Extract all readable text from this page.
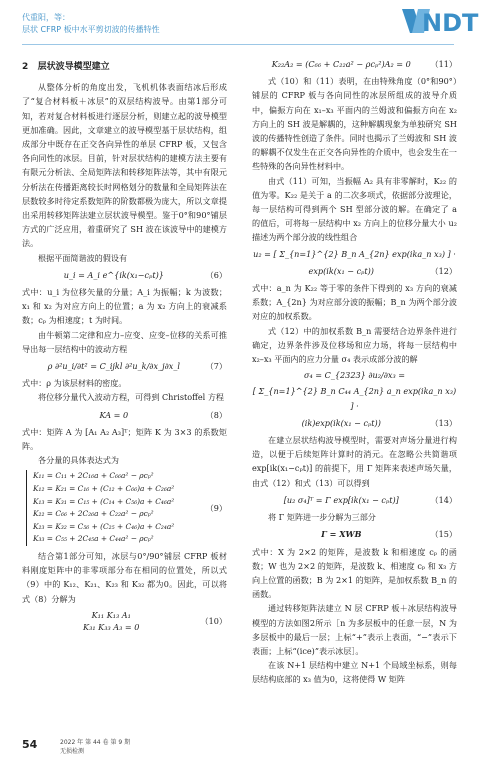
代重阳，等：
层状 CFRP 板中水平剪切波的传播特性	NDT
2 层状波导模型建立

从整体分析的角度出发，飞机机体表面结冰后形成了“复合材料板＋冰层”的双层结构波导。由第1部分可知，若对复合材料板进行逐层分析，则建立起的波导模型更加准确。因此，文章建立的波导模型基于层状结构，组成部分中既存在正交各向异性的单层 CFRP 板，又包含各向同性的冰层。目前，针对层状结构的建模方法主要有有限元分析法、全局矩阵法和转移矩阵法等，其中有限元分析法在传播距离较长时网格划分的数量和全局矩阵法在层数较多时待定系数矩阵的阶数都极为庞大，所以文章提出采用转移矩阵法建立层状波导模型。鉴于0°和90°铺层方式的广泛应用，着重研究了 SH 波在该波导中的建模方法。

根据平面简谐波的假设有

u_i = A_i e^{ik(x₁−cₚt)}	（6）

式中：u_i 为位移矢量的分量；A_i 为振幅；k 为波数；x₁ 和 x₂ 为对应方向上的位置；a 为 x₂ 方向上的衰减系数；cₚ 为相速度；t 为时间。

由牛顿第二定律和应力–应变、应变–位移的关系可推导出每一层结构中的波动方程

ρ ∂²u_i/∂t² = C_ijkl ∂²u_k/∂x_j∂x_l	（7）

式中：ρ 为该层材料的密度。

将位移分量代入波动方程，可得到 Christoffel 方程

KA = 0	（8）

式中：矩阵 A 为 [A₁ A₂ A₃]ᵀ；矩阵 K 为 3×3 的系数矩阵。

各分量的具体表达式为

K₁₁ = C₁₁ + 2C₁₆a + C₆₆a² − ρcₚ²
K₁₂ = K₂₁ = C₁₆ + (C₁₂ + C₆₆)a + C₂₆a²
K₁₃ = K₃₁ = C₁₅ + (C₁₄ + C₅₆)a + C₄₆a²
K₂₂ = C₆₆ + 2C₂₆a + C₂₂a² − ρcₚ²
K₂₃ = K₃₂ = C₅₆ + (C₂₅ + C₄₆)a + C₂₄a²
K₃₃ = C₅₅ + 2C₄₅a + C₄₄a² − ρcₚ²
（9）

结合第1部分可知，冰层与0°/90°铺层 CFRP 板材料刚度矩阵中的非零项部分布在相同的位置处，所以式（9）中的 K₁₂、K₂₁、K₂₃ 和 K₃₂ 都为0。因此，可以将式（8）分解为

K₁₁ K₁₃ A₁
K₃₁ K₃₃ A₃ = 0
（10）
K₂₂A₂ = (C₆₆ + C₂₂a² − ρcₚ²)A₂ = 0	（11）

式（10）和（11）表明，在由特殊角度（0°和90°）铺层的 CFRP 板与各向同性的冰层所组成的波导介质中，偏振方向在 x₁–x₃ 平面内的兰姆波和偏振方向在 x₂ 方向上的 SH 波是解耦的，这种解耦现象为单独研究 SH 波的传播特性创造了条件。同时也揭示了兰姆波和 SH 波的解耦不仅发生在正交各向异性的介质中，也会发生在一些特殊的各向异性材料中。

由式（11）可知，当振幅 A₂ 具有非零解时，K₂₂ 的值为零。K₂₂ 是关于 a 的二次多项式，依据部分波理论，每一层结构可得到两个 SH 型部分波的解。在确定了 a 的值后，可将每一层结构中 x₂ 方向上的位移分量大小 u₂ 描述为两个部分波的线性组合

u₂ = [ Σ_{n=1}^{2} B_n A_{2n} exp(ika_n x₃) ] ·
exp(ik(x₁ − cₚt))	（12）

式中：a_n 为 K₂₂ 等于零的条件下得到的 x₃ 方向的衰减系数；A_{2n} 为对应部分波的振幅；B_n 为两个部分波对应的加权系数。

式（12）中的加权系数 B_n 需要结合边界条件进行确定，边界条件涉及位移场和应力场，将每一层结构中 x₂–x₃ 平面内的应力分量 σ₄ 表示成部分波的解

σ₄ = C_{2323} ∂u₂/∂x₃ =
[ Σ_{n=1}^{2} B_n C₄₄ A_{2n} a_n exp(ika_n x₃) ] ·
(ik)exp(ik(x₁ − cₚt))	（13）

在建立层状结构波导模型时，需要对声场分量进行构造，以便于后续矩阵计算时的消元。在忽略公共简谐项 exp[ik(x₁−cₚt)] 的前提下，用 Γ 矩阵来表述声场矢量，由式（12）和式（13）可以得到

[u₂ σ₄]ᵀ = Γ exp[ik(x₁ − cₚt)]	（14）

将 Γ 矩阵进一步分解为三部分

Γ = XWB	（15）

式中：X 为 2×2 的矩阵，是波数 k 和相速度 cₚ 的函数；W 也为 2×2 的矩阵，是波数 k、相速度 cₚ 和 x₃ 方向上位置的函数；B 为 2×1 的矩阵，是加权系数 B_n 的函数。

通过转移矩阵法建立 N 层 CFRP 板＋冰层结构波导模型的方法如图2所示［n 为多层板中的任意一层，N 为多层板中的最后一层；上标“+”表示上表面，“−”表示下表面；上标“(ice)”表示冰层］。

在该 N+1 层结构中建立 N+1 个局域坐标系，则每层结构底部的 x₃ 值为0，这将使得 W 矩阵

54	2022 年 第 44 卷 第 9 期
无损检测
